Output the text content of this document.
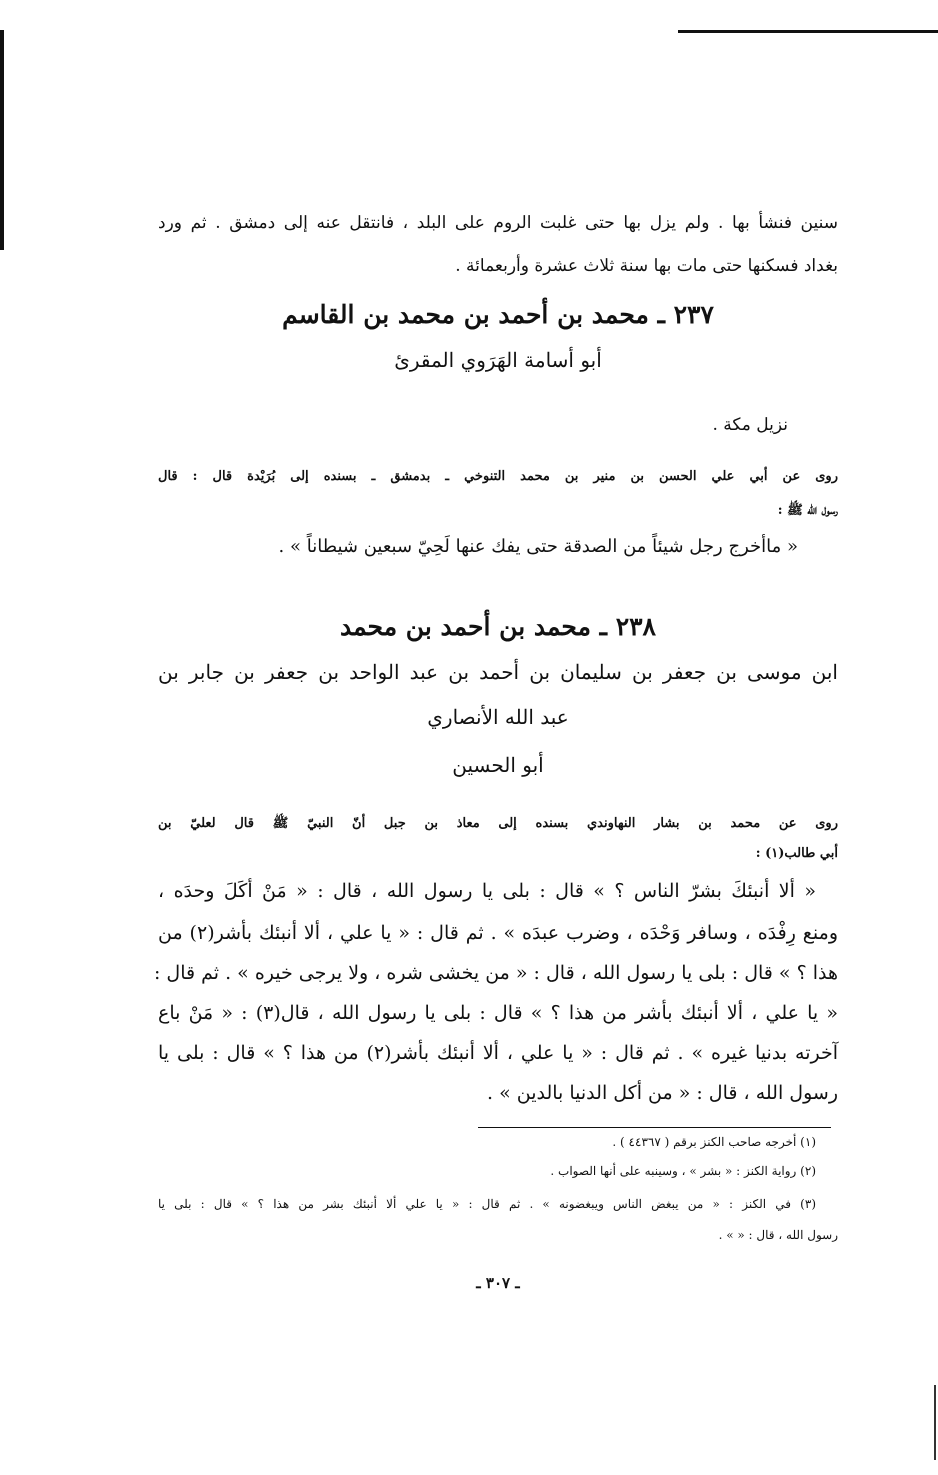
سنين فنشأ بها . ولم يزل بها حتى غلبت الروم على البلد ، فانتقل عنه إلى دمشق . ثم ورد
بغداد فسكنها حتى مات بها سنة ثلاث عشرة وأربعمائة .
٢٣٧ ـ محمد بن أحمد بن محمد بن القاسم
أبو أسامة الهَرَوي المقرئ
نزيل مكة .
روى عن أبي علي الحسن بن منير بن محمد التنوخي ـ بدمشق ـ بسنده إلى بُرَيْدة قال : قال
رسول الله ﷺ :
« ماأخرج رجل شيئاً من الصدقة حتى يفك عنها لَحِيّ سبعين شيطاناً » .
٢٣٨ ـ محمد بن أحمد بن محمد
ابن موسى بن جعفر بن سليمان بن أحمد بن عبد الواحد بن جعفر بن جابر بن
عبد الله الأنصاري
أبو الحسين
روى عن محمد بن بشار النهاوندي بسنده إلى معاذ بن جبل أنّ النبيّ ﷺ قال لعليّ بن
أبي طالب(١) :
« ألا أنبئكَ بشرّ الناس ؟ » قال : بلى يا رسول الله ، قال : « مَنْ أكَلَ وحدَه ،
ومنع رِفْدَه ، وسافر وَحْدَه ، وضرب عبدَه » . ثم قال : « يا علي ، ألا أنبئك بأشر(٢) من
هذا ؟ » قال : بلى يا رسول الله ، قال : « من يخشى شره ، ولا يرجى خيره » . ثم قال :
« يا علي ، ألا أنبئك بأشر من هذا ؟ » قال : بلى يا رسول الله ، قال(٣) : « مَنْ باع
آخرته بدنيا غيره » . ثم قال : « يا علي ، ألا أنبئك بأشر(٢) من هذا ؟ » قال : بلى يا
رسول الله ، قال : « من أكل الدنيا بالدين » .
(١) أخرجه صاحب الكنز برقم ( ٤٤٣٦٧ ) .
(٢) رواية الكنز : « بشر » ، وسينبه على أنها الصواب .
(٣) في الكنز : « من يبغض الناس ويبغضونه » . ثم قال : « يا علي ألا أنبئك بشر من هذا ؟ » قال : بلى يا
رسول الله ، قال : « » .
ـ ٣٠٧ ـ
